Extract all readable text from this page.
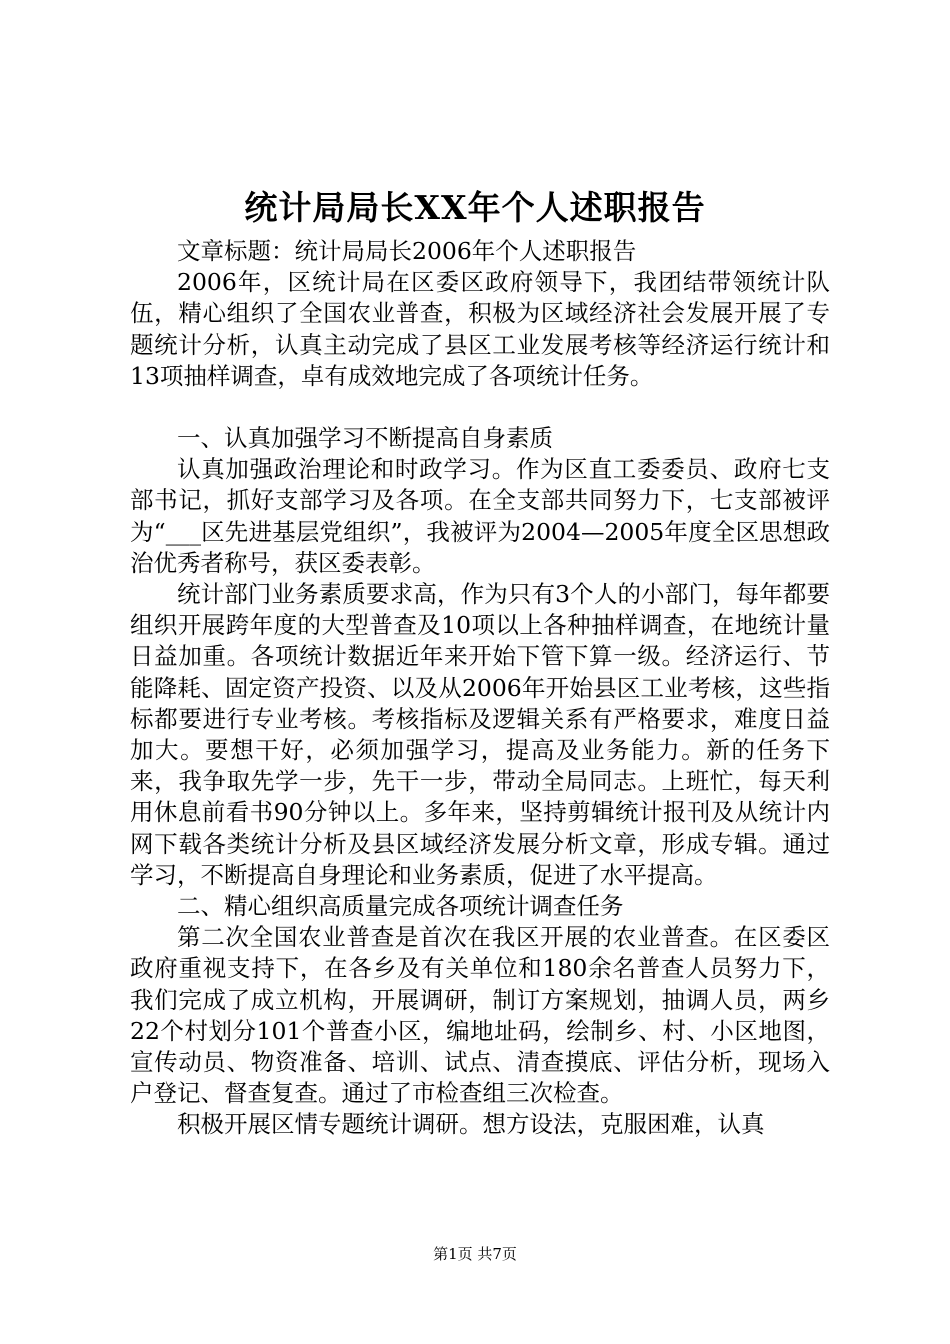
统计局局长XX年个人述职报告

文章标题：统计局局长2006年个人述职报告

2006年，区统计局在区委区政府领导下，我团结带领统计队伍，精心组织了全国农业普查，积极为区域经济社会发展开展了专题统计分析，认真主动完成了县区工业发展考核等经济运行统计和13项抽样调查，卓有成效地完成了各项统计任务。

一、认真加强学习不断提高自身素质

认真加强政治理论和时政学习。作为区直工委委员、政府七支部书记，抓好支部学习及各项。在全支部共同努力下，七支部被评为“___区先进基层党组织”，我被评为2004—2005年度全区思想政治优秀者称号，获区委表彰。

统计部门业务素质要求高，作为只有3个人的小部门，每年都要组织开展跨年度的大型普查及10项以上各种抽样调查，在地统计量日益加重。各项统计数据近年来开始下管下算一级。经济运行、节能降耗、固定资产投资、以及从2006年开始县区工业考核，这些指标都要进行专业考核。考核指标及逻辑关系有严格要求，难度日益加大。要想干好，必须加强学习，提高及业务能力。新的任务下来，我争取先学一步，先干一步，带动全局同志。上班忙，每天利用休息前看书90分钟以上。多年来，坚持剪辑统计报刊及从统计内网下载各类统计分析及县区域经济发展分析文章，形成专辑。通过学习，不断提高自身理论和业务素质，促进了水平提高。

二、精心组织高质量完成各项统计调查任务

第二次全国农业普查是首次在我区开展的农业普查。在区委区政府重视支持下，在各乡及有关单位和180余名普查人员努力下，我们完成了成立机构，开展调研，制订方案规划，抽调人员，两乡22个村划分101个普查小区，编地址码，绘制乡、村、小区地图，宣传动员、物资准备、培训、试点、清查摸底、评估分析，现场入户登记、督查复查。通过了市检查组三次检查。

积极开展区情专题统计调研。想方设法，克服困难，认真

第1页 共7页
